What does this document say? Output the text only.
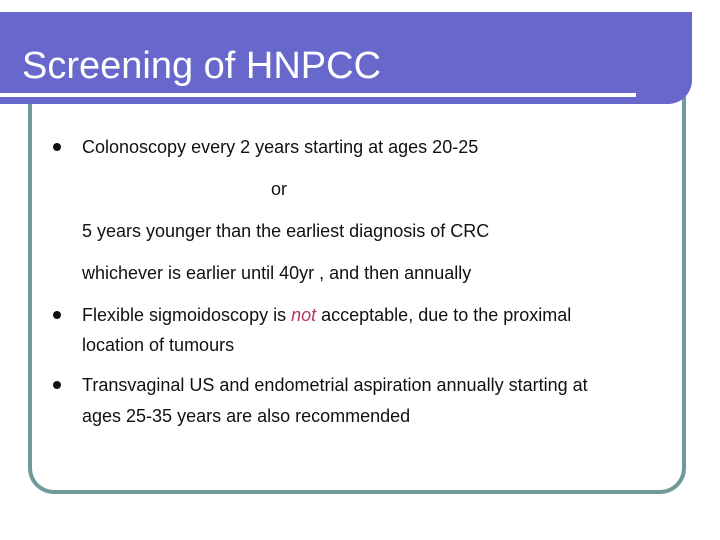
Screening of HNPCC
Colonoscopy every 2 years starting at ages 20-25
or
5 years younger than the earliest diagnosis of CRC
whichever is earlier until 40yr , and then annually
Flexible sigmoidoscopy is not acceptable, due to the proximal
location of tumours
Transvaginal US and endometrial aspiration annually starting at
ages 25-35 years are also recommended
